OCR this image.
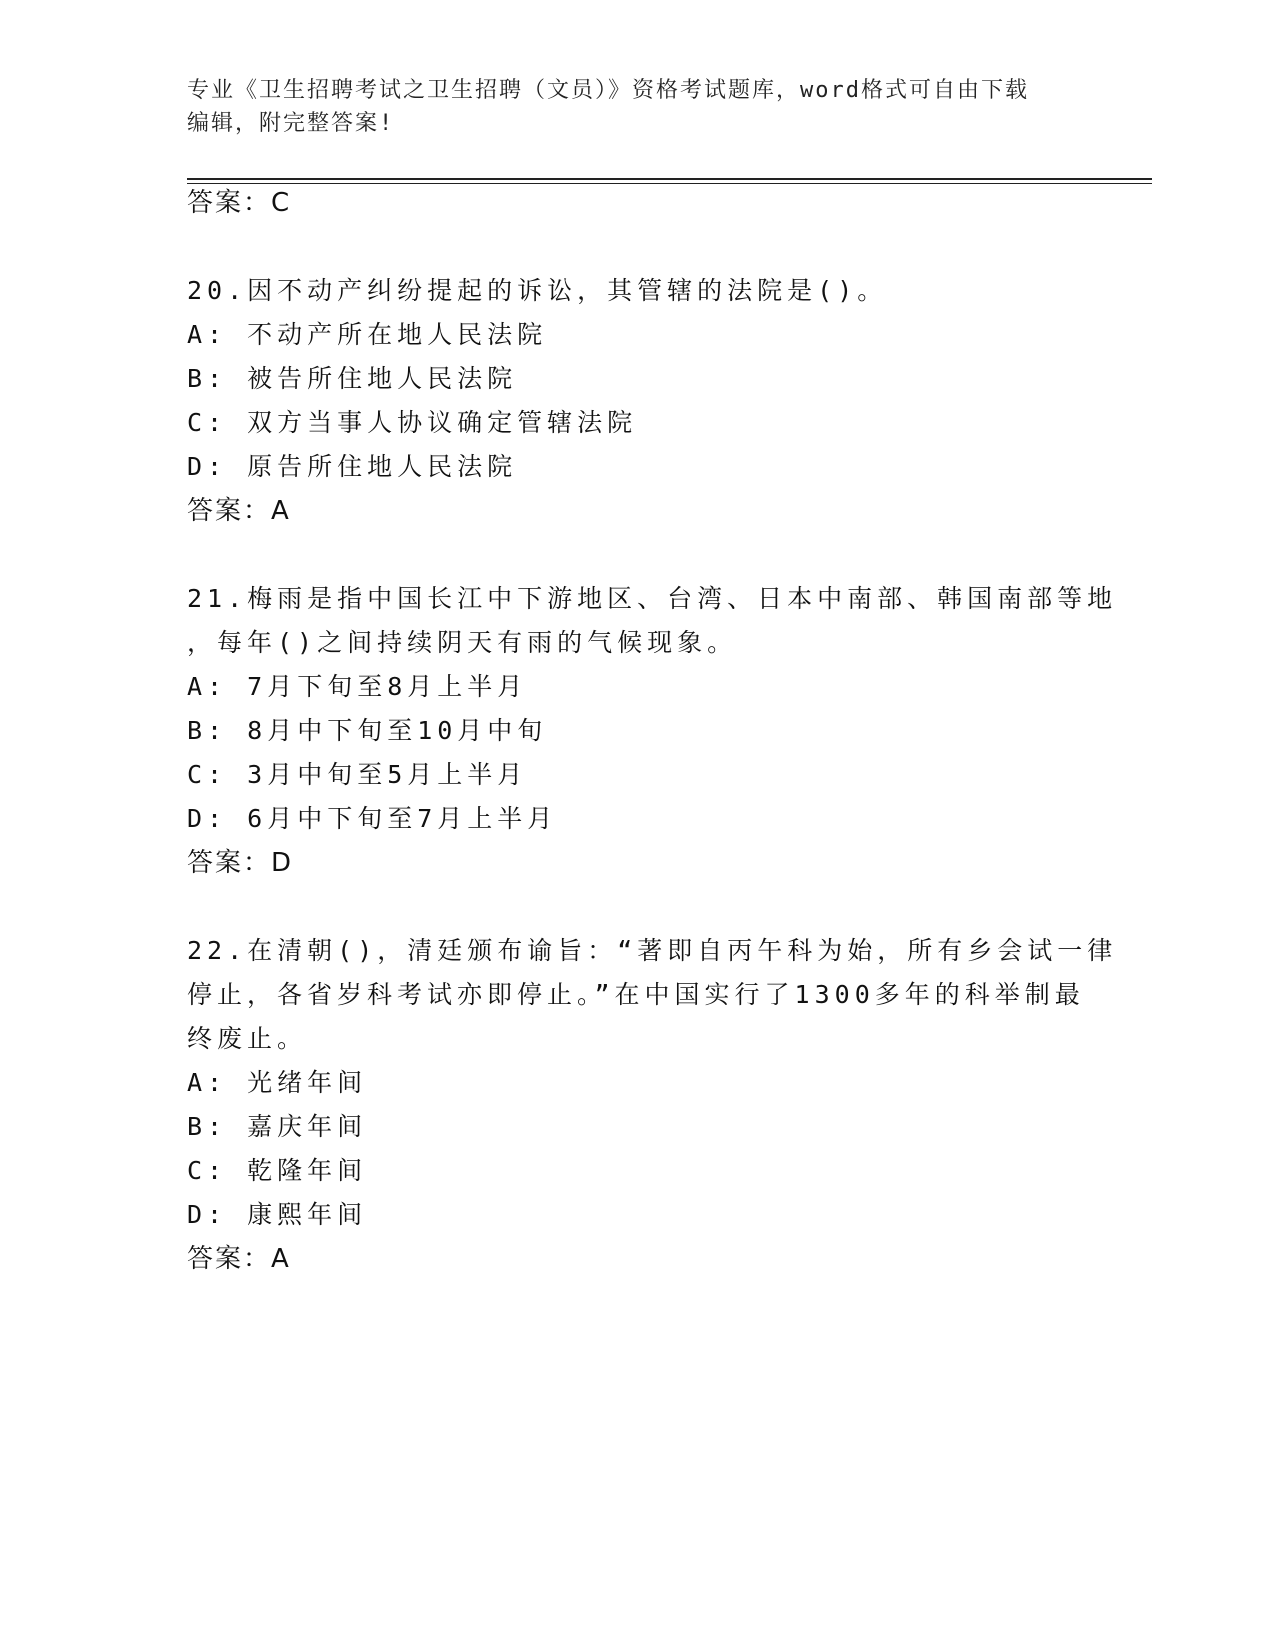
专业《卫生招聘考试之卫生招聘（文员）》资格考试题库，word格式可自由下载
编辑，附完整答案!
答案：C
20.因不动产纠纷提起的诉讼，其管辖的法院是()。
A: 不动产所在地人民法院
B: 被告所住地人民法院
C: 双方当事人协议确定管辖法院
D: 原告所住地人民法院
答案：A
21.梅雨是指中国长江中下游地区、台湾、日本中南部、韩国南部等地
，每年()之间持续阴天有雨的气候现象。
A: 7月下旬至8月上半月
B: 8月中下旬至10月中旬
C: 3月中旬至5月上半月
D: 6月中下旬至7月上半月
答案：D
22.在清朝()，清廷颁布谕旨：“著即自丙午科为始，所有乡会试一律
停止，各省岁科考试亦即停止。”在中国实行了1300多年的科举制最
终废止。
A: 光绪年间
B: 嘉庆年间
C: 乾隆年间
D: 康熙年间
答案：A
